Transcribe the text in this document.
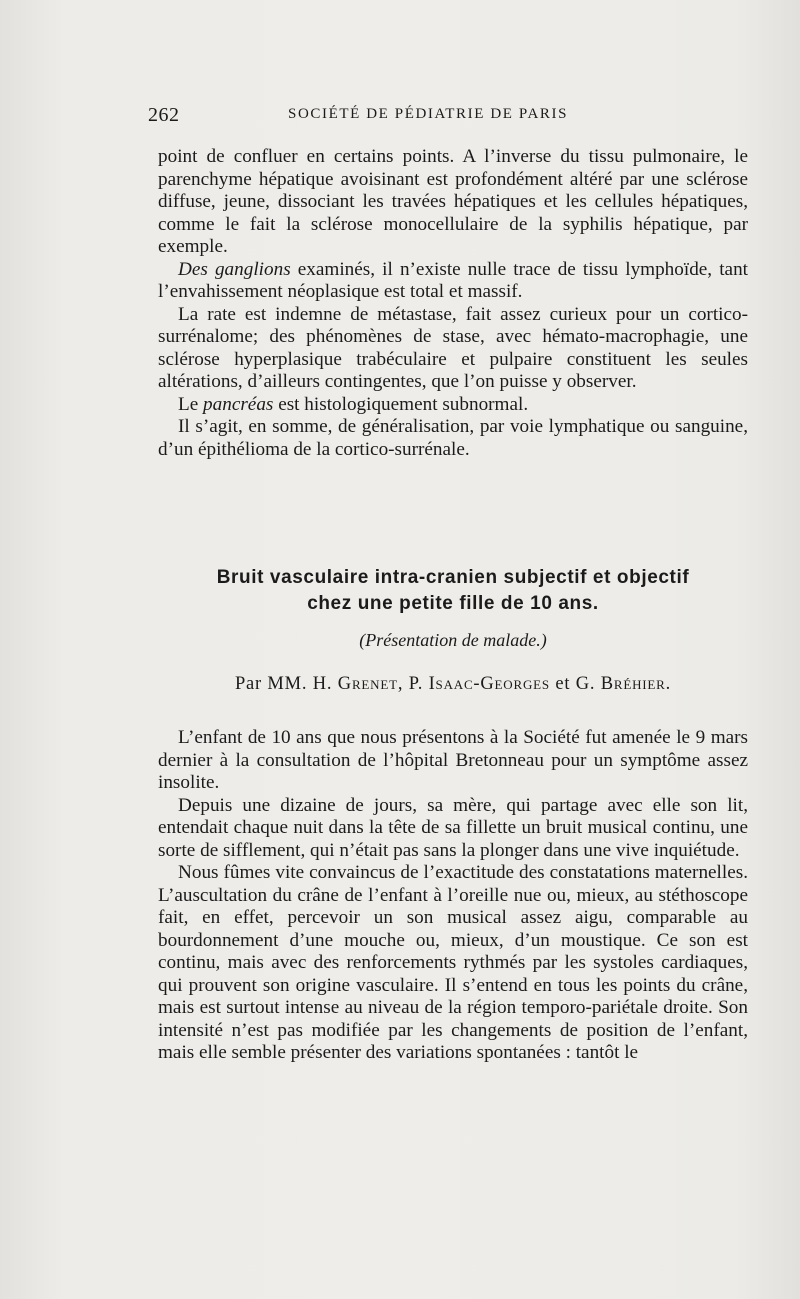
262	SOCIÉTÉ DE PÉDIATRIE DE PARIS

point de confluer en certains points. A l’inverse du tissu pulmonaire, le parenchyme hépatique avoisinant est profondément altéré par une sclérose diffuse, jeune, dissociant les travées hépatiques et les cellules hépatiques, comme le fait la sclérose monocellulaire de la syphilis hépatique, par exemple.

Des ganglions examinés, il n’existe nulle trace de tissu lymphoïde, tant l’envahissement néoplasique est total et massif.

La rate est indemne de métastase, fait assez curieux pour un cortico-surrénalome; des phénomènes de stase, avec hémato-macrophagie, une sclérose hyperplasique trabéculaire et pulpaire constituent les seules altérations, d’ailleurs contingentes, que l’on puisse y observer.

Le pancréas est histologiquement subnormal.

Il s’agit, en somme, de généralisation, par voie lymphatique ou sanguine, d’un épithélioma de la cortico-surrénale.

Bruit vasculaire intra-cranien subjectif et objectif
chez une petite fille de 10 ans.

(Présentation de malade.)

Par MM. H. Grenet, P. Isaac-Georges et G. Bréhier.

L’enfant de 10 ans que nous présentons à la Société fut amenée le 9 mars dernier à la consultation de l’hôpital Bretonneau pour un symptôme assez insolite.

Depuis une dizaine de jours, sa mère, qui partage avec elle son lit, entendait chaque nuit dans la tête de sa fillette un bruit musical continu, une sorte de sifflement, qui n’était pas sans la plonger dans une vive inquiétude.

Nous fûmes vite convaincus de l’exactitude des constatations maternelles. L’auscultation du crâne de l’enfant à l’oreille nue ou, mieux, au stéthoscope fait, en effet, percevoir un son musical assez aigu, comparable au bourdonnement d’une mouche ou, mieux, d’un moustique. Ce son est continu, mais avec des renforcements rythmés par les systoles cardiaques, qui prouvent son origine vasculaire. Il s’entend en tous les points du crâne, mais est surtout intense au niveau de la région temporo-pariétale droite. Son intensité n’est pas modifiée par les changements de position de l’enfant, mais elle semble présenter des variations spontanées : tantôt le
